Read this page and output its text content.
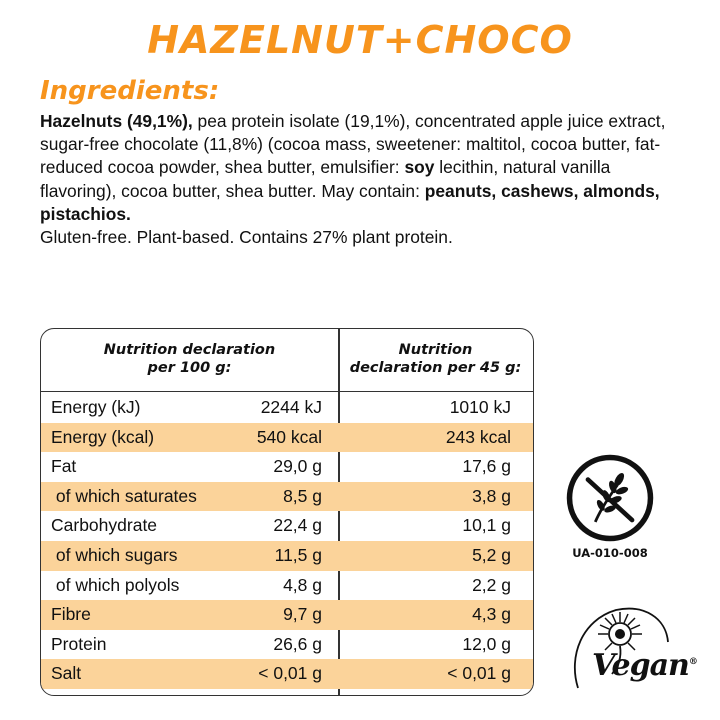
HAZELNUT+CHOCO
Ingredients:
Hazelnuts (49,1%), pea protein isolate (19,1%), concentrated apple juice extract, sugar-free chocolate (11,8%) (cocoa mass, sweetener: maltitol, cocoa butter, fat-reduced cocoa powder, shea butter, emulsifier: soy lecithin, natural vanilla flavoring), cocoa butter, shea butter. May contain: peanuts, cashews, almonds, pistachios.
Gluten-free. Plant-based. Contains 27% plant protein.
Nutrition declaration
per 100 g:
Nutrition
declaration per 45 g:
Energy (kJ)	2244 kJ	1010 kJ
Energy (kcal)	540 kcal	243 kcal
Fat	29,0 g	17,6 g
of which saturates	8,5 g	3,8 g
Carbohydrate	22,4 g	10,1 g
of which sugars	11,5 g	5,2 g
of which polyols	4,8 g	2,2 g
Fibre	9,7 g	4,3 g
Protein	26,6 g	12,0 g
Salt	< 0,01 g	< 0,01 g
UA-010-008
Vegan®
